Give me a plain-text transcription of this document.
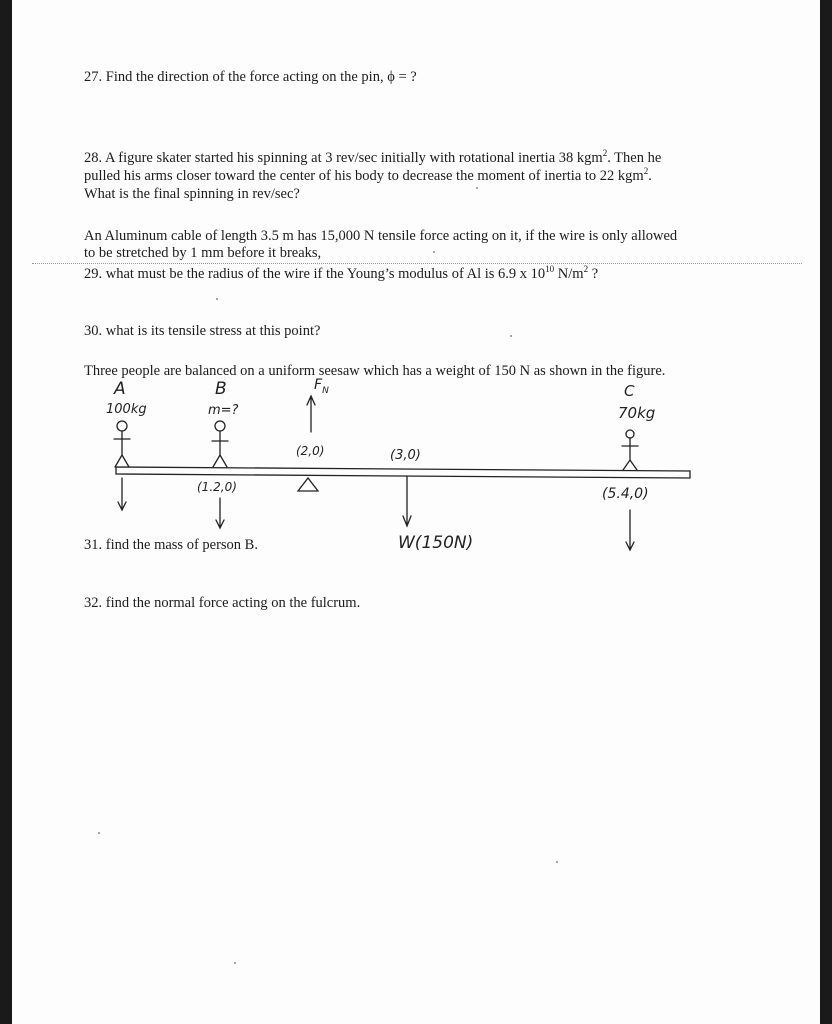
27. Find the direction of the force acting on the pin, ϕ = ?
28. A figure skater started his spinning at 3 rev/sec initially with rotational inertia 38 kgm$^2$. Then he
pulled his arms closer toward the center of his body to decrease the moment of inertia to 22 kgm$^2$.
What is the final spinning in rev/sec?
An Aluminum cable of length 3.5 m has 15,000 N tensile force acting on it, if the wire is only allowed
to be stretched by 1 mm before it breaks,
29. what must be the radius of the wire if the Young’s modulus of Al is 6.9 x $10^{10}$ $N/m^2$ ?
30. what is its tensile stress at this point?
Three people are balanced on a uniform seesaw which has a weight of 150 N as shown in the figure.
A	B	$F_N$	C
100kg	m=?	70kg
(2,0)	(3,0)
(1.2,0)	(5.4,0)
W(150N)
31. find the mass of person B.
32. find the normal force acting on the fulcrum.
